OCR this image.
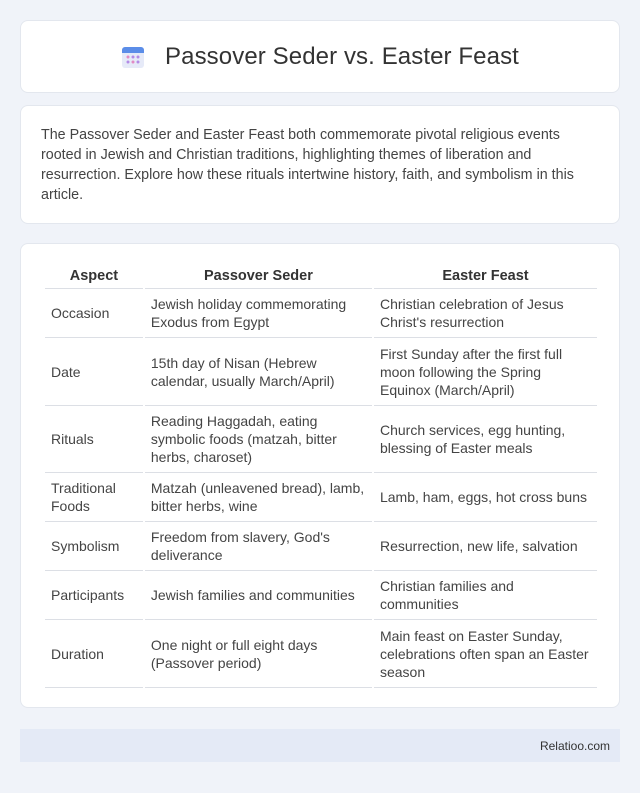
Passover Seder vs. Easter Feast

The Passover Seder and Easter Feast both commemorate pivotal religious events rooted in Jewish and Christian traditions, highlighting themes of liberation and resurrection. Explore how these rituals intertwine history, faith, and symbolism in this article.

Aspect	Passover Seder	Easter Feast
Occasion	Jewish holiday commemorating Exodus from Egypt	Christian celebration of Jesus Christ's resurrection
Date	15th day of Nisan (Hebrew calendar, usually March/April)	First Sunday after the first full moon following the Spring Equinox (March/April)
Rituals	Reading Haggadah, eating symbolic foods (matzah, bitter herbs, charoset)	Church services, egg hunting, blessing of Easter meals
Traditional Foods	Matzah (unleavened bread), lamb, bitter herbs, wine	Lamb, ham, eggs, hot cross buns
Symbolism	Freedom from slavery, God's deliverance	Resurrection, new life, salvation
Participants	Jewish families and communities	Christian families and communities
Duration	One night or full eight days (Passover period)	Main feast on Easter Sunday, celebrations often span an Easter season
Relatioo.com
